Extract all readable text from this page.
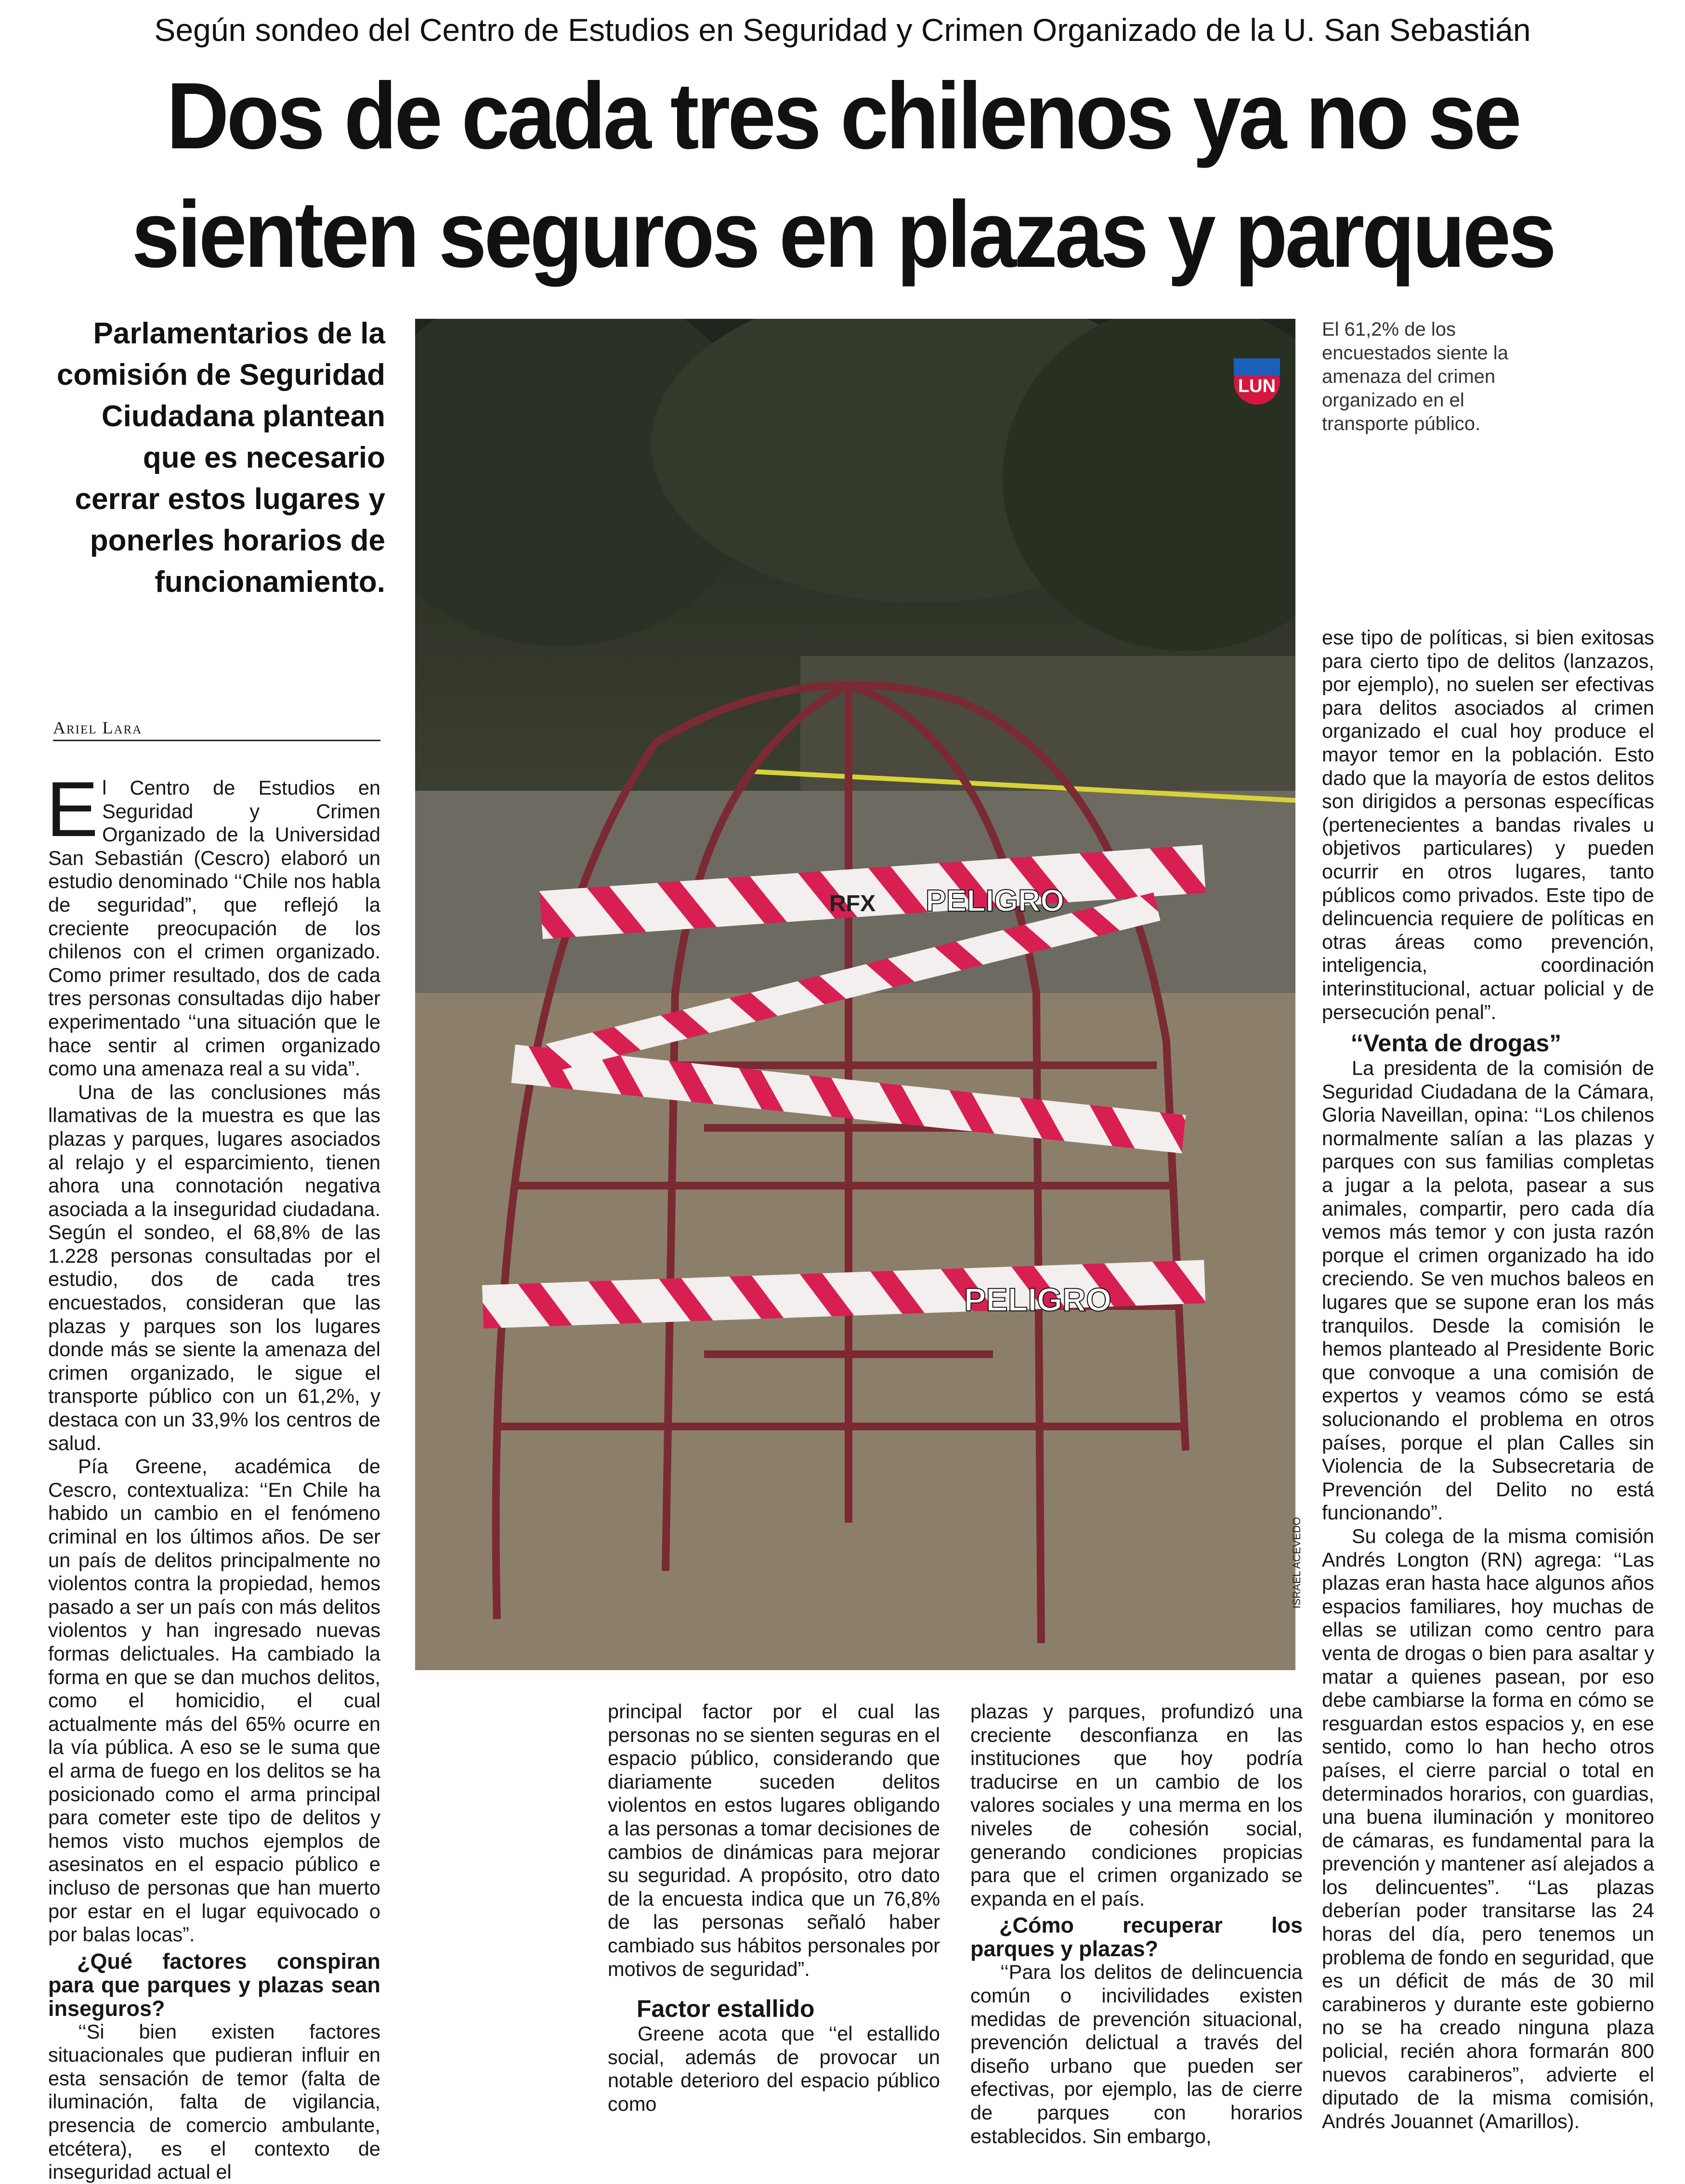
Según sondeo del Centro de Estudios en Seguridad y Crimen Organizado de la U. San Sebastián
Dos de cada tres chilenos ya no se
sienten seguros en plazas y parques
Parlamentarios de la
comisión de Seguridad
Ciudadana plantean
que es necesario
cerrar estos lugares y
ponerles horarios de
funcionamiento.
Ariel Lara

El Centro de Estudios en Seguridad y Crimen Organizado de la Universidad San Sebastián (Cescro) elaboró un estudio denominado ‘‘Chile nos habla de seguridad”, que reflejó la creciente preocupación de los chilenos con el crimen organizado. Como primer resultado, dos de cada tres personas consultadas dijo haber experimentado ‘‘una situación que le hace sentir al crimen organizado como una amenaza real a su vida”.

Una de las conclusiones más llamativas de la muestra es que las plazas y parques, lugares asociados al relajo y el esparcimiento, tienen ahora una connotación negativa asociada a la inseguridad ciudadana. Según el sondeo, el 68,8% de las 1.228 personas consultadas por el estudio, dos de cada tres encuestados, consideran que las plazas y parques son los lugares donde más se siente la amenaza del crimen organizado, le sigue el transporte público con un 61,2%, y destaca con un 33,9% los centros de salud.

Pía Greene, académica de Cescro, contextualiza: ‘‘En Chile ha habido un cambio en el fenómeno criminal en los últimos años. De ser un país de delitos principalmente no violentos contra la propiedad, hemos pasado a ser un país con más delitos violentos y han ingresado nuevas formas delictuales. Ha cambiado la forma en que se dan muchos delitos, como el homicidio, el cual actualmente más del 65% ocurre en la vía pública. A eso se le suma que el arma de fuego en los delitos se ha posicionado como el arma principal para cometer este tipo de delitos y hemos visto muchos ejemplos de asesinatos en el espacio público e incluso de personas que han muerto por estar en el lugar equivocado o por balas locas”.

¿Qué factores conspiran para que parques y plazas sean inseguros?

‘‘Si bien existen factores situacionales que pudieran influir en esta sensación de temor (falta de iluminación, falta de vigilancia, presencia de comercio ambulante, etcétera), es el contexto de inseguridad actual el

PELIGRO
RFX
PELIGRO
LUN
ISRAEL ACEVEDO
El 61,2% de los encuestados siente la amenaza del crimen organizado en el transporte público.

principal factor por el cual las personas no se sienten seguras en el espacio público, considerando que diariamente suceden delitos violentos en estos lugares obligando a las personas a tomar decisiones de cambios de dinámicas para mejorar su seguridad. A propósito, otro dato de la encuesta indica que un 76,8% de las personas señaló haber cambiado sus hábitos personales por motivos de seguridad”.

Factor estallido

Greene acota que ‘‘el estallido social, además de provocar un notable deterioro del espacio público como

plazas y parques, profundizó una creciente desconfianza en las instituciones que hoy podría traducirse en un cambio de los valores sociales y una merma en los niveles de cohesión social, generando condiciones propicias para que el crimen organizado se expanda en el país.

¿Cómo recuperar los parques y plazas?

‘‘Para los delitos de delincuencia común o incivilidades existen medidas de prevención situacional, prevención delictual a través del diseño urbano que pueden ser efectivas, por ejemplo, las de cierre de parques con horarios establecidos. Sin embargo,

ese tipo de políticas, si bien exitosas para cierto tipo de delitos (lanzazos, por ejemplo), no suelen ser efectivas para delitos asociados al crimen organizado el cual hoy produce el mayor temor en la población. Esto dado que la mayoría de estos delitos son dirigidos a personas específicas (pertenecientes a bandas rivales u objetivos particulares) y pueden ocurrir en otros lugares, tanto públicos como privados. Este tipo de delincuencia requiere de políticas en otras áreas como prevención, inteligencia, coordinación interinstitucional, actuar policial y de persecución penal”.

‘‘Venta de drogas”

La presidenta de la comisión de Seguridad Ciudadana de la Cámara, Gloria Naveillan, opina: ‘‘Los chilenos normalmente salían a las plazas y parques con sus familias completas a jugar a la pelota, pasear a sus animales, compartir, pero cada día vemos más temor y con justa razón porque el crimen organizado ha ido creciendo. Se ven muchos baleos en lugares que se supone eran los más tranquilos. Desde la comisión le hemos planteado al Presidente Boric que convoque a una comisión de expertos y veamos cómo se está solucionando el problema en otros países, porque el plan Calles sin Violencia de la Subsecretaria de Prevención del Delito no está funcionando”.

Su colega de la misma comisión Andrés Longton (RN) agrega: ‘‘Las plazas eran hasta hace algunos años espacios familiares, hoy muchas de ellas se utilizan como centro para venta de drogas o bien para asaltar y matar a quienes pasean, por eso debe cambiarse la forma en cómo se resguardan estos espacios y, en ese sentido, como lo han hecho otros países, el cierre parcial o total en determinados horarios, con guardias, una buena iluminación y monitoreo de cámaras, es fundamental para la prevención y mantener así alejados a los delincuentes”. ‘‘Las plazas deberían poder transitarse las 24 horas del día, pero tenemos un problema de fondo en seguridad, que es un déficit de más de 30 mil carabineros y durante este gobierno no se ha creado ninguna plaza policial, recién ahora formarán 800 nuevos carabineros”, advierte el diputado de la misma comisión, Andrés Jouannet (Amarillos).
